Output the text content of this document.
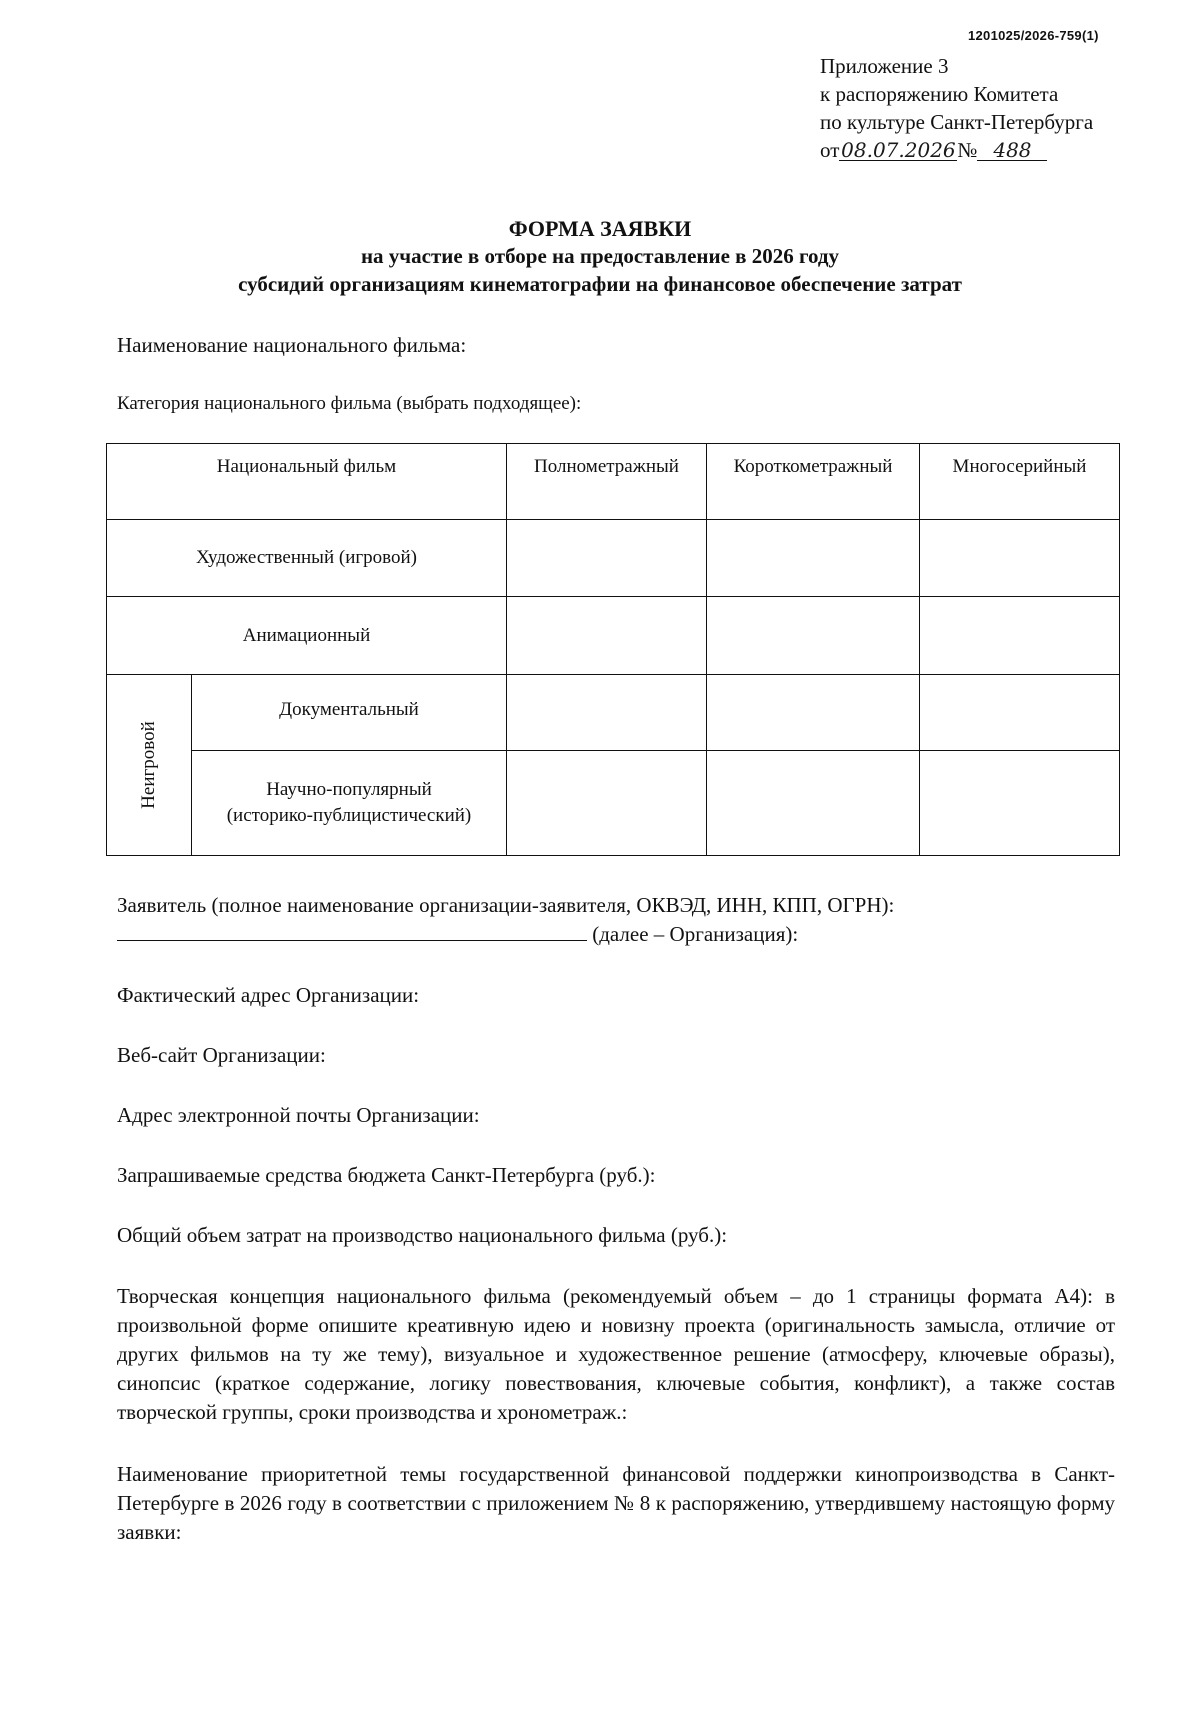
1201025/2026-759(1)
Приложение 3
к распоряжению Комитета
по культуре Санкт-Петербурга
от08.07.2026№ 488
ФОРМА ЗАЯВКИ
на участие в отборе на предоставление в 2026 году
субсидий организациям кинематографии на финансовое обеспечение затрат
Наименование национального фильма:
Категория национального фильма (выбрать подходящее):
Национальный фильм		Полнометражный	Короткометражный	Многосерийный
Художественный (игровой)				
Анимационный				

Неигровой	Документальный			

	Научно-популярный
(историко-публицистический)			

Заявитель (полное наименование организации-заявителя, ОКВЭД, ИНН, КПП, ОГРН):
(далее – Организация):
Фактический адрес Организации:
Веб-сайт Организации:
Адрес электронной почты Организации:
Запрашиваемые средства бюджета Санкт-Петербурга (руб.):
Общий объем затрат на производство национального фильма (руб.):
Творческая концепция национального фильма (рекомендуемый объем – до 1 страницы формата А4): в произвольной форме опишите креативную идею и новизну проекта (оригинальность замысла, отличие от других фильмов на ту же тему), визуальное и художественное решение (атмосферу, ключевые образы), синопсис (краткое содержание, логику повествования, ключевые события, конфликт), а также состав творческой группы, сроки производства и хронометраж.:
Наименование приоритетной темы государственной финансовой поддержки кинопроизводства в Санкт-Петербурге в 2026 году в соответствии с приложением № 8 к распоряжению, утвердившему настоящую форму заявки:
